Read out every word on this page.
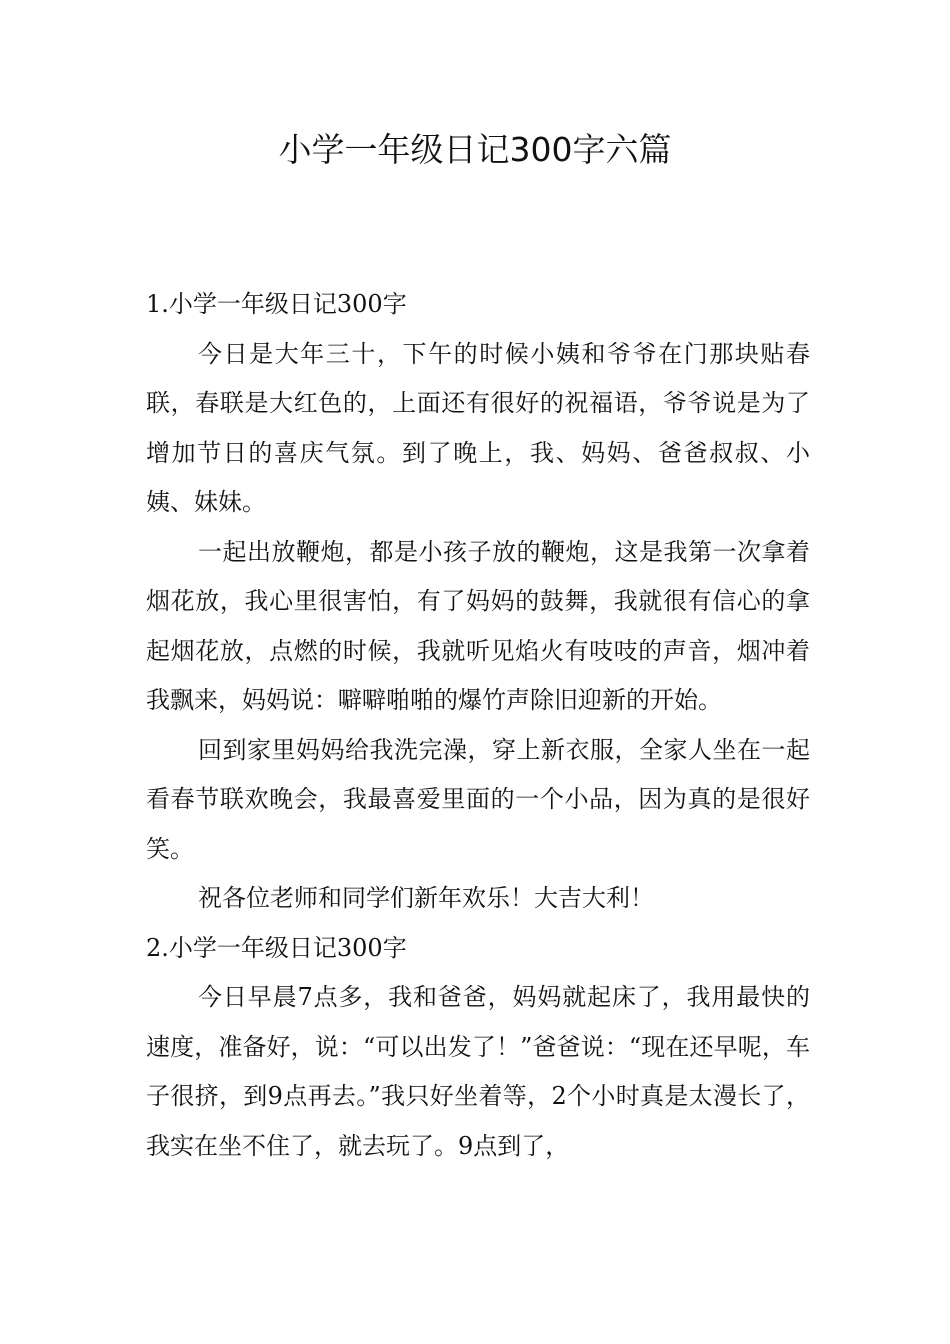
小学一年级日记300字六篇

1.小学一年级日记300字

今日是大年三十，下午的时候小姨和爷爷在门那块贴春联，春联是大红色的，上面还有很好的祝福语，爷爷说是为了增加节日的喜庆气氛。到了晚上，我、妈妈、爸爸叔叔、小姨、妹妹。

一起出放鞭炮，都是小孩子放的鞭炮，这是我第一次拿着烟花放，我心里很害怕，有了妈妈的鼓舞，我就很有信心的拿起烟花放，点燃的时候，我就听见焰火有吱吱的声音，烟冲着我飘来，妈妈说：噼噼啪啪的爆竹声除旧迎新的开始。

回到家里妈妈给我洗完澡，穿上新衣服，全家人坐在一起看春节联欢晚会，我最喜爱里面的一个小品，因为真的是很好笑。

祝各位老师和同学们新年欢乐！大吉大利！

2.小学一年级日记300字

今日早晨7点多，我和爸爸，妈妈就起床了，我用最快的速度，准备好，说：“可以出发了！”爸爸说：“现在还早呢，车子很挤，到9点再去。”我只好坐着等，2个小时真是太漫长了，我实在坐不住了，就去玩了。9点到了，
